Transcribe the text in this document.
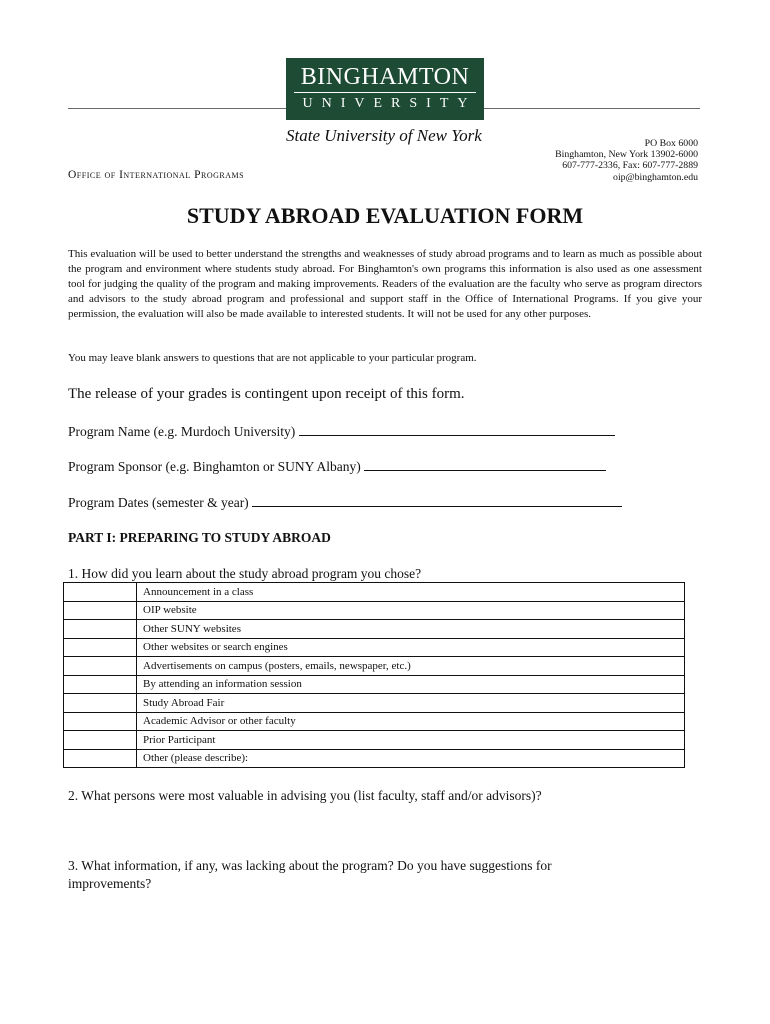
BINGHAMTON
UNIVERSITY
State University of New York
Office of International Programs
PO Box 6000
Binghamton, New York 13902-6000
607-777-2336, Fax: 607-777-2889
oip@binghamton.edu
STUDY ABROAD EVALUATION FORM

This evaluation will be used to better understand the strengths and weaknesses of study abroad programs and to learn as much as possible about the program and environment where students study abroad. For Binghamton's own programs this information is also used as one assessment tool for judging the quality of the program and making improvements. Readers of the evaluation are the faculty who serve as program directors and advisors to the study abroad program and professional and support staff in the Office of International Programs. If you give your permission, the evaluation will also be made available to interested students. It will not be used for any other purposes.

You may leave blank answers to questions that are not applicable to your particular program.

The release of your grades is contingent upon receipt of this form.

Program Name (e.g. Murdoch University)
Program Sponsor (e.g. Binghamton or SUNY Albany)
Program Dates (semester & year)

PART I: PREPARING TO STUDY ABROAD

1. How did you learn about the study abroad program you chose?

	Announcement in a class
	OIP website
	Other SUNY websites
	Other websites or search engines
	Advertisements on campus (posters, emails, newspaper, etc.)
	By attending an information session
	Study Abroad Fair
	Academic Advisor or other faculty
	Prior Participant
	Other (please describe):

2. What persons were most valuable in advising you (list faculty, staff and/or advisors)?

3. What information, if any, was lacking about the program? Do you have suggestions for improvements?
